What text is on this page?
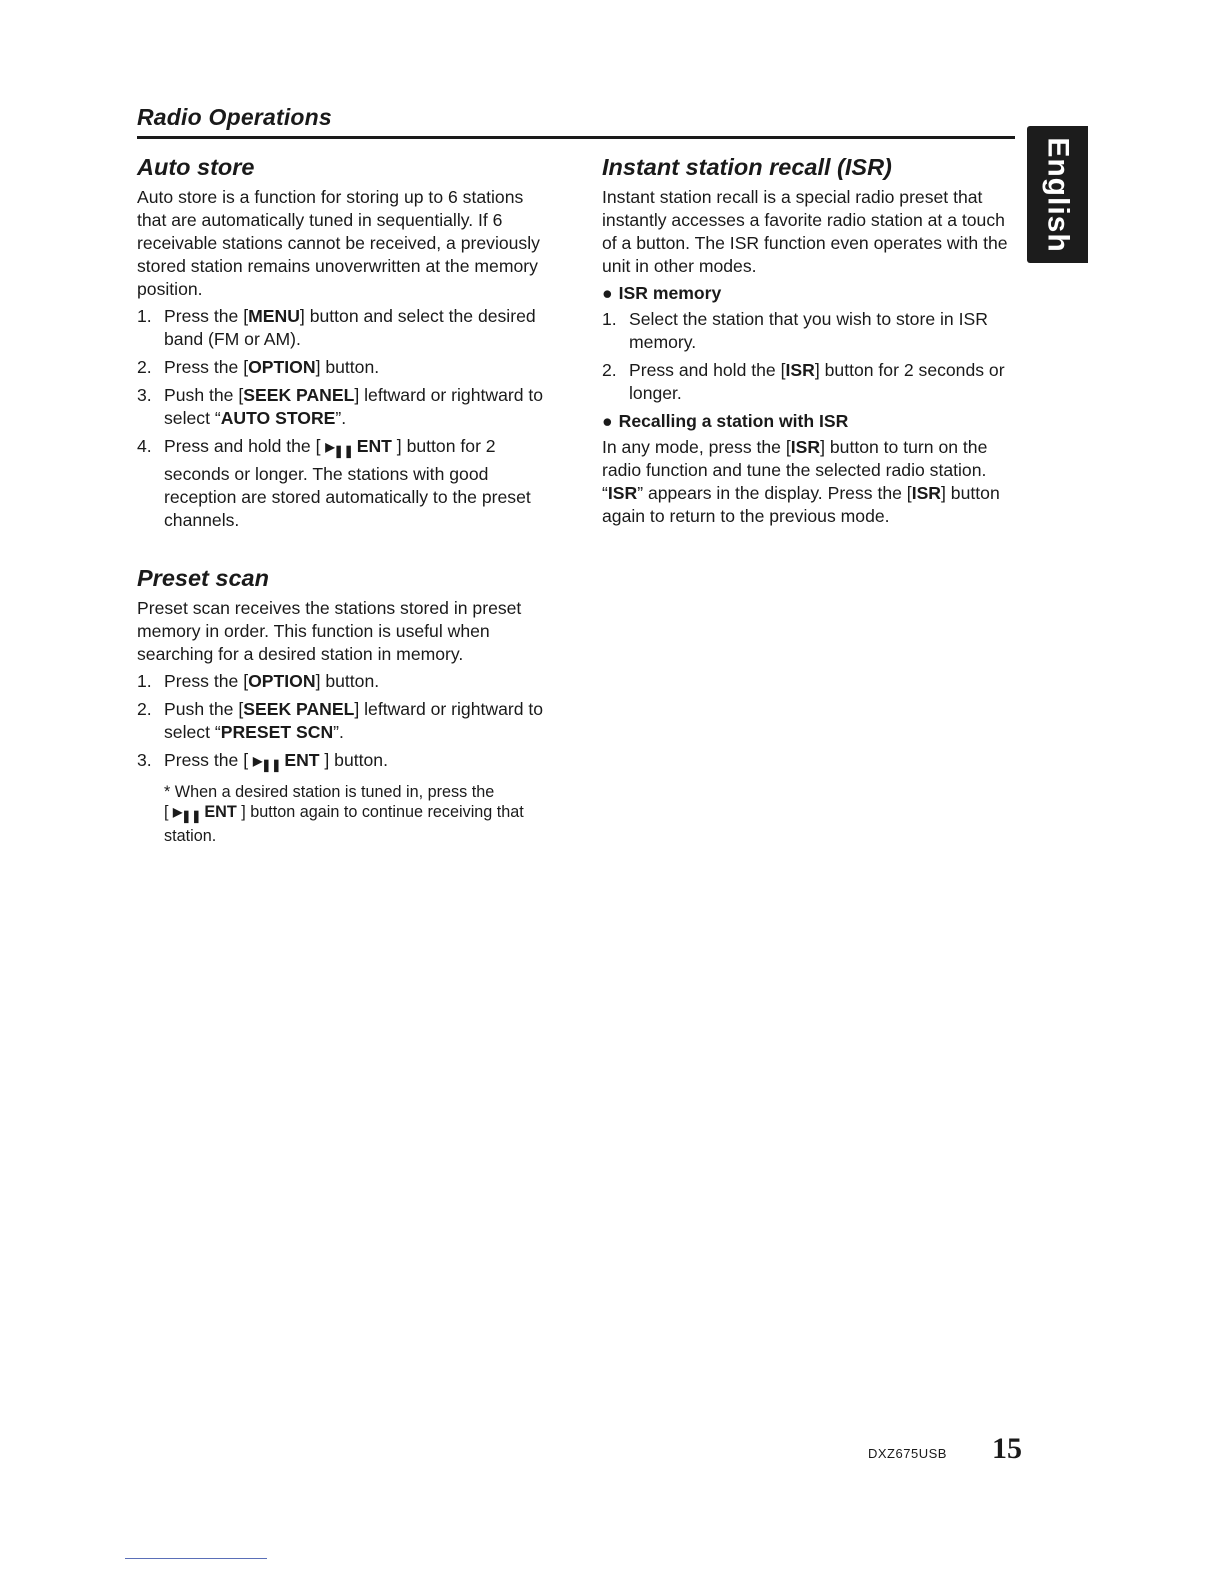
Radio Operations
English
Auto store

Auto store is a function for storing up to 6 stations that are automatically tuned in sequentially. If 6 receivable stations cannot be received, a previously stored station remains unoverwritten at the memory position.

1. Press the [MENU] button and select the desired band (FM or AM).
2. Press the [OPTION] button.
3. Push the [SEEK PANEL] leftward or rightward to select “AUTO STORE”.
4. Press and hold the [ ▶❚❚ ENT ] button for 2 seconds or longer. The stations with good reception are stored automatically to the preset channels.
Preset scan

Preset scan receives the stations stored in preset memory in order. This function is useful when searching for a desired station in memory.

1. Press the [OPTION] button.
2. Push the [SEEK PANEL] leftward or rightward to select “PRESET SCN”.
3. Press the [ ▶❚❚ ENT ] button.
* When a desired station is tuned in, press the
[ ▶❚❚ ENT ] button again to continue receiving that station.
Instant station recall (ISR)

Instant station recall is a special radio preset that instantly accesses a favorite radio station at a touch of a button. The ISR function even operates with the unit in other modes.

● ISR memory
1. Select the station that you wish to store in ISR memory.
2. Press and hold the [ISR] button for 2 seconds or longer.
● Recalling a station with ISR

In any mode, press the [ISR] button to turn on the radio function and tune the selected radio station. “ISR” appears in the display. Press the [ISR] button again to return to the previous mode.

DXZ675USB 15
